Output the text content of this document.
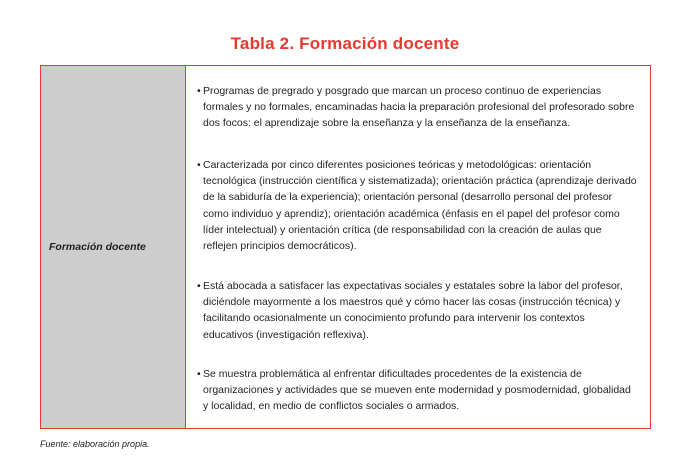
Tabla 2. Formación docente
Formación docente
• Programas de pregrado y posgrado que marcan un proceso continuo de experiencias formales y no formales, encaminadas hacia la preparación profesional del profesorado sobre dos focos: el aprendizaje sobre la enseñanza y la enseñanza de la enseñanza.
• Caracterizada por cinco diferentes posiciones teóricas y metodológicas: orientación tecnológica (instrucción científica y sistematizada); orientación práctica (aprendizaje derivado de la sabiduría de la experiencia); orientación personal (desarrollo personal del profesor como individuo y aprendiz); orientación académica (énfasis en el papel del profesor como líder intelectual) y orientación crítica (de responsabilidad con la creación de aulas que reflejen principios democráticos).
• Está abocada a satisfacer las expectativas sociales y estatales sobre la labor del profesor, diciéndole mayormente a los maestros qué y cómo hacer las cosas (instrucción técnica) y facilitando ocasionalmente un conocimiento profundo para intervenir los contextos educativos (investigación reflexiva).
• Se muestra problemática al enfrentar dificultades procedentes de la existencia de organizaciones y actividades que se mueven ente modernidad y posmodernidad, globalidad y localidad, en medio de conflictos sociales o armados.
Fuente: elaboración propia.
